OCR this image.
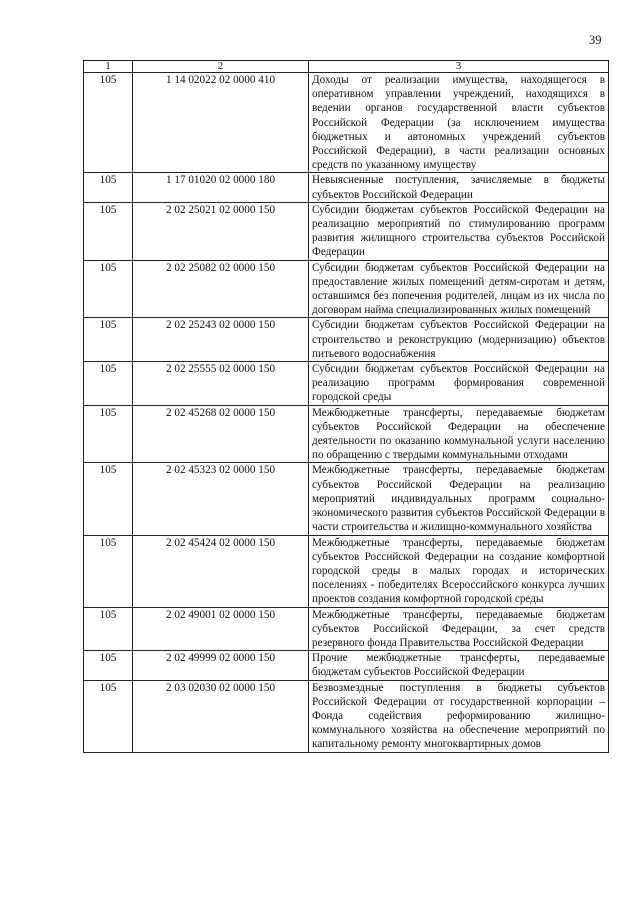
39
1	2	3
105	1 14 02022 02 0000 410	Доходы от реализации имущества, находящегося в оперативном управлении учреждений, находящихся в ведении органов государственной власти субъектов Российской Федерации (за исключением имущества бюджетных и автономных учреждений субъектов Российской Федерации), в части реализации основных средств по указанному имуществу
105	1 17 01020 02 0000 180	Невыясненные поступления, зачисляемые в бюджеты субъектов Российской Федерации
105	2 02 25021 02 0000 150	Субсидии бюджетам субъектов Российской Федерации на реализацию мероприятий по стимулированию программ развития жилищного строительства субъектов Российской Федерации
105	2 02 25082 02 0000 150	Субсидии бюджетам субъектов Российской Федерации на предоставление жилых помещений детям-сиротам и детям, оставшимся без попечения родителей, лицам из их числа по договорам найма специализированных жилых помещений
105	2 02 25243 02 0000 150	Субсидии бюджетам субъектов Российской Федерации на строительство и реконструкцию (модернизацию) объектов питьевого водоснабжения
105	2 02 25555 02 0000 150	Субсидии бюджетам субъектов Российской Федерации на реализацию программ формирования современной городской среды
105	2 02 45268 02 0000 150	Межбюджетные трансферты, передаваемые бюджетам субъектов Российской Федерации на обеспечение деятельности по оказанию коммунальной услуги населению по обращению с твердыми коммунальными отходами
105	2 02 45323 02 0000 150	Межбюджетные трансферты, передаваемые бюджетам субъектов Российской Федерации на реализацию мероприятий индивидуальных программ социально-экономического развития субъектов Российской Федерации в части строительства и жилищно-коммунального хозяйства
105	2 02 45424 02 0000 150	Межбюджетные трансферты, передаваемые бюджетам субъектов Российской Федерации на создание комфортной городской среды в малых городах и исторических поселениях - победителях Всероссийского конкурса лучших проектов создания комфортной городской среды
105	2 02 49001 02 0000 150	Межбюджетные трансферты, передаваемые бюджетам субъектов Российской Федерации, за счет средств резервного фонда Правительства Российской Федерации
105	2 02 49999 02 0000 150	Прочие межбюджетные трансферты, передаваемые бюджетам субъектов Российской Федерации
105	2 03 02030 02 0000 150	Безвозмездные поступления в бюджеты субъектов Российской Федерации от государственной корпорации – Фонда содействия реформированию жилищно-коммунального хозяйства на обеспечение мероприятий по капитальному ремонту многоквартирных домов
